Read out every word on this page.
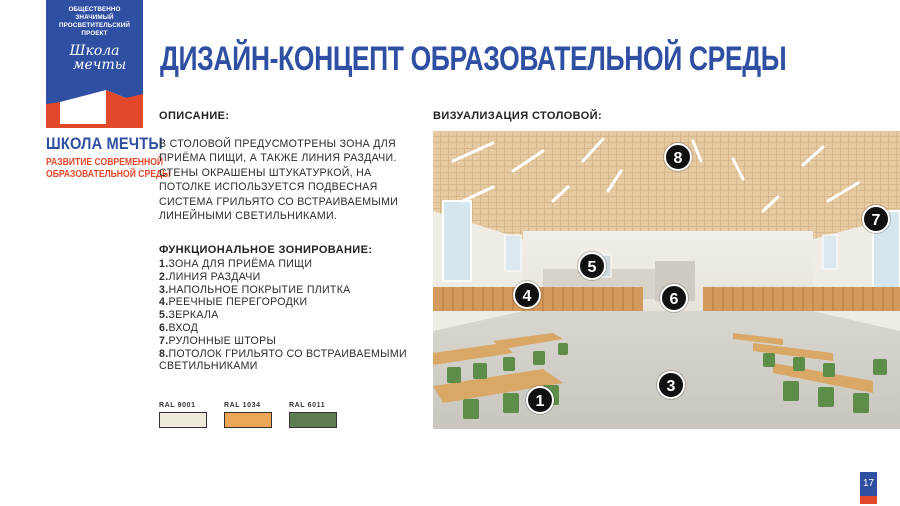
ОБЩЕСТВЕННО ЗНАЧИМЫЙ ПРОСВЕТИТЕЛЬСКИЙ ПРОЕКТ
Школа
мечты
ШКОЛА МЕЧТЫ
РАЗВИТИЕ СОВРЕМЕННОЙ
ОБРАЗОВАТЕЛЬНОЙ СРЕДЫ
ДИЗАЙН-КОНЦЕПТ ОБРАЗОВАТЕЛЬНОЙ СРЕДЫ
ОПИСАНИЕ:
В СТОЛОВОЙ ПРЕДУСМОТРЕНЫ ЗОНА ДЛЯ ПРИЁМА ПИЩИ, А ТАКЖЕ ЛИНИЯ РАЗДАЧИ. СТЕНЫ ОКРАШЕНЫ ШТУКАТУРКОЙ, НА ПОТОЛКЕ ИСПОЛЬЗУЕТСЯ ПОДВЕСНАЯ СИСТЕМА ГРИЛЬЯТО СО ВСТРАИВАЕМЫМИ ЛИНЕЙНЫМИ СВЕТИЛЬНИКАМИ.
ФУНКЦИОНАЛЬНОЕ ЗОНИРОВАНИЕ:
1.ЗОНА ДЛЯ ПРИЁМА ПИЩИ
2.ЛИНИЯ РАЗДАЧИ
3.НАПОЛЬНОЕ ПОКРЫТИЕ ПЛИТКА
4.РЕЕЧНЫЕ ПЕРЕГОРОДКИ
5.ЗЕРКАЛА
6.ВХОД
7.РУЛОННЫЕ ШТОРЫ
8.ПОТОЛОК ГРИЛЬЯТО СО ВСТРАИВАЕМЫМИ СВЕТИЛЬНИКАМИ
RAL 9001	RAL 1034	RAL 6011
ВИЗУАЛИЗАЦИЯ СТОЛОВОЙ:
1
3
4
5
6
7
8
17
